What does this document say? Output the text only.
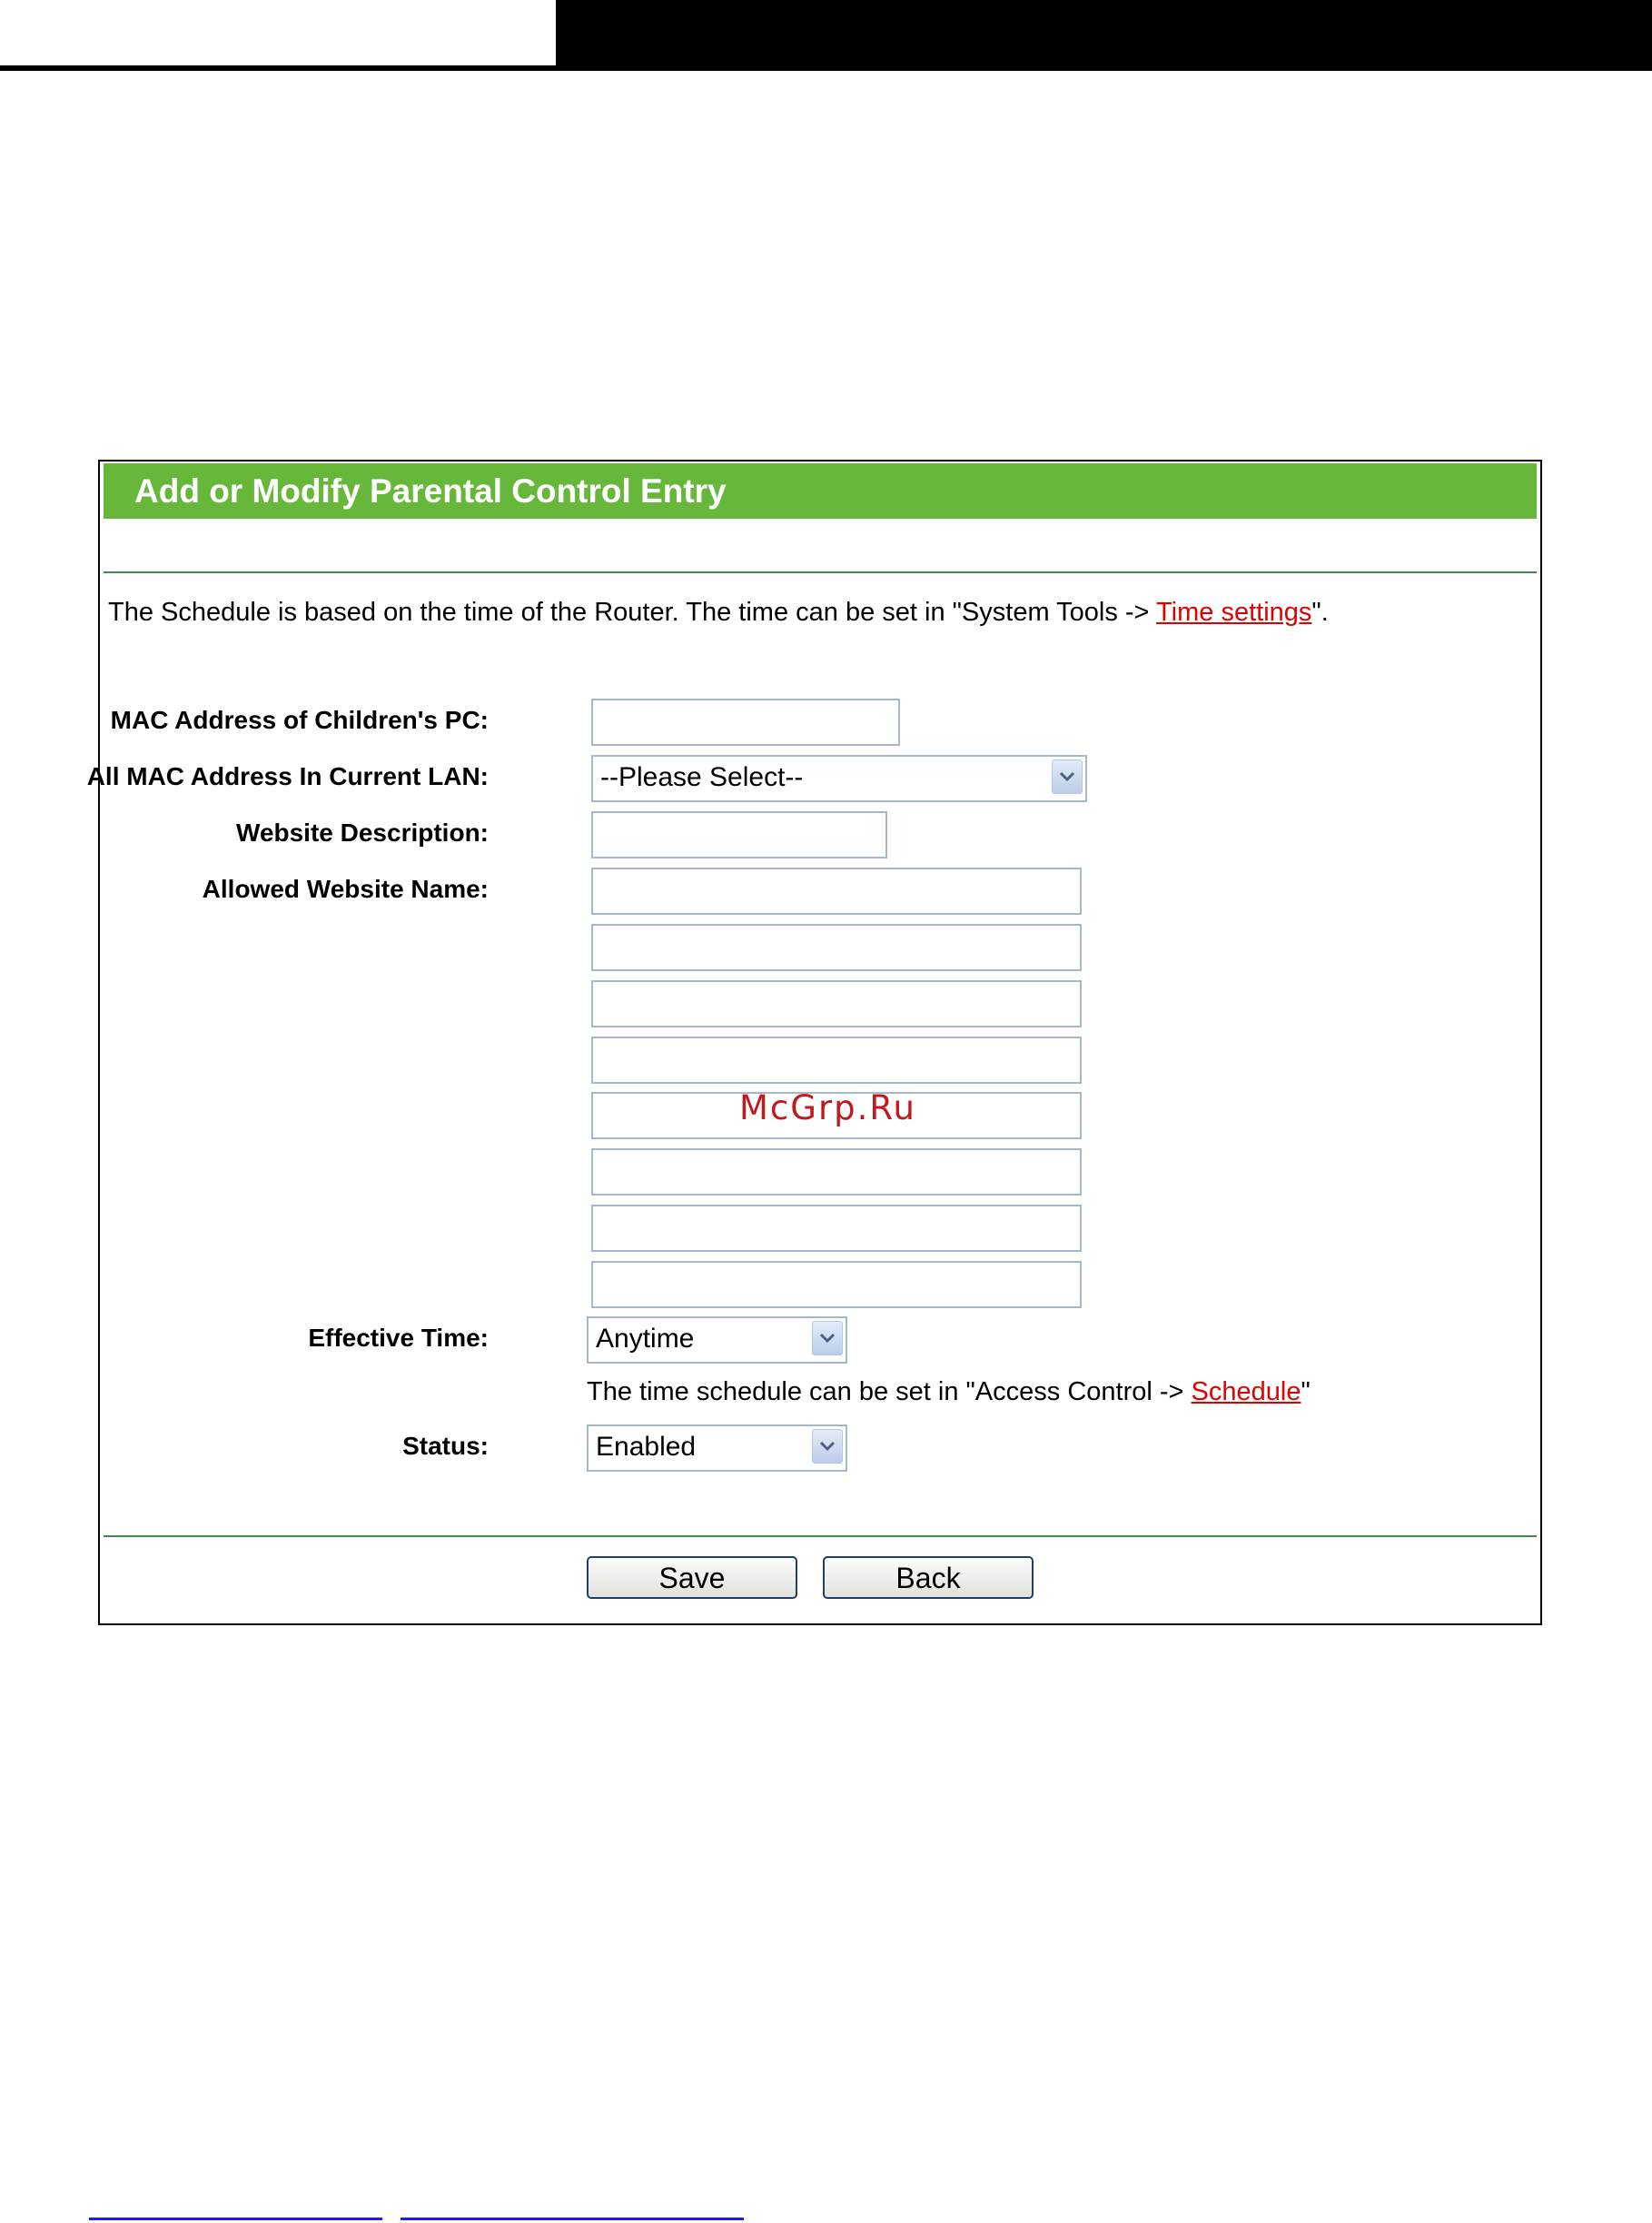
Add or Modify Parental Control Entry
The Schedule is based on the time of the Router. The time can be set in "System Tools -> Time settings".
MAC Address of Children's PC:
All MAC Address In Current LAN:	--Please Select--
Website Description:
Allowed Website Name:
Effective Time:	Anytime
The time schedule can be set in "Access Control -> Schedule"
Status:	Enabled
Save	Back
McGrp.Ru
